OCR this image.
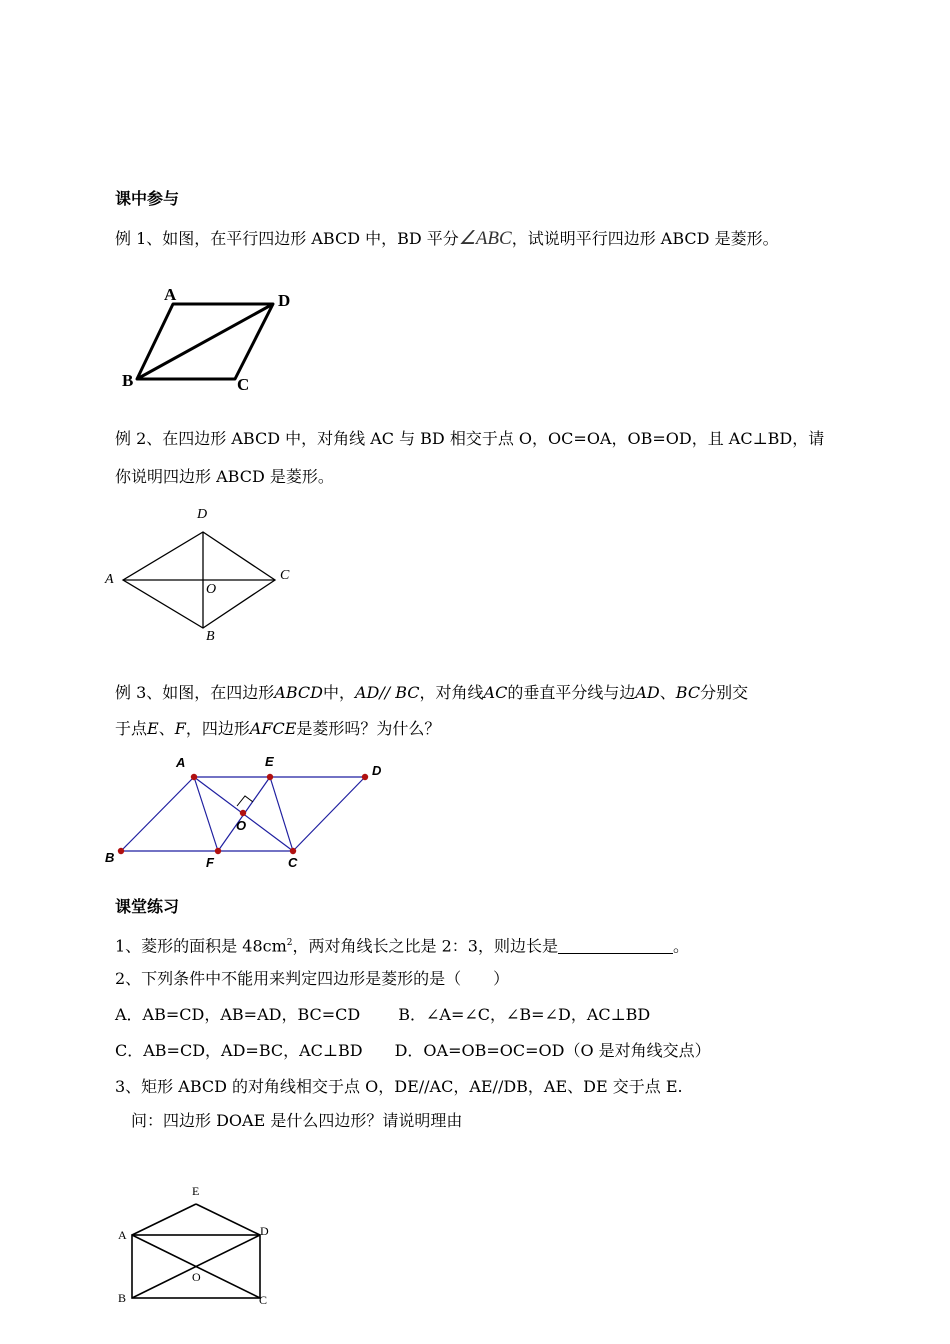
课中参与
例 1、如图，在平行四边形 ABCD 中，BD 平分∠ABC，试说明平行四边形 ABCD 是菱形。
A	D
B	C
例 2、在四边形 ABCD 中，对角线 AC 与 BD 相交于点 O，OC=OA，OB=OD，且 AC⊥BD，请
你说明四边形 ABCD 是菱形。
D
A	C
O
B
例 3、如图，在四边形ABCD中，AD// BC，对角线AC的垂直平分线与边AD、BC分别交
于点E、F，四边形AFCE是菱形吗？为什么？
A	E
D
B	F	C
O
课堂练习
1、菱形的面积是 $48cm^2$，两对角线长之比是 2：3，则边长是	。
2、下列条件中不能用来判定四边形是菱形的是（　　）
A．AB=CD，AB=AD，BC=CD B．∠A=∠C，∠B=∠D，AC⊥BD
C．AB=CD，AD=BC，AC⊥BD D．OA=OB=OC=OD（O 是对角线交点）
3、矩形 ABCD 的对角线相交于点 O，DE//AC，AE//DB，AE、DE 交于点 E.
问：四边形 DOAE 是什么四边形？请说明理由
E
A	D
O
B	C
